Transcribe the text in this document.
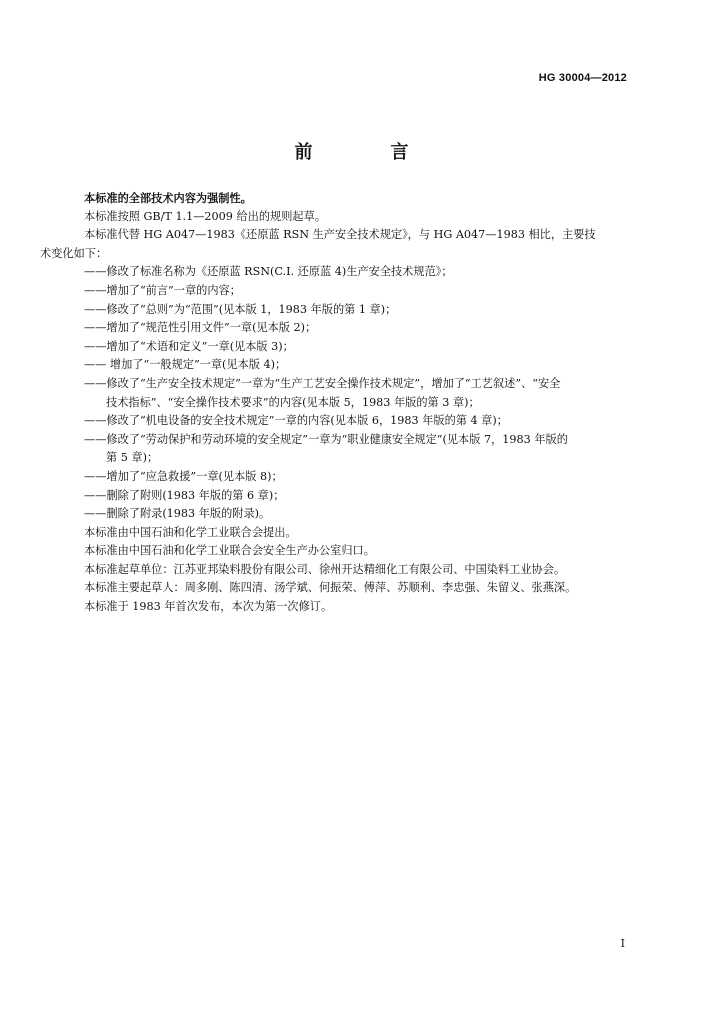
HG 30004—2012
前　言

本标准的全部技术内容为强制性。

本标准按照 GB/T 1.1—2009 给出的规则起草。

本标准代替 HG A047—1983《还原蓝 RSN 生产安全技术规定》，与 HG A047—1983 相比，主要技
术变化如下：

——修改了标准名称为《还原蓝 RSN(C.I. 还原蓝 4)生产安全技术规范》；

——增加了“前言”一章的内容；

——修改了“总则”为“范围”(见本版 1，1983 年版的第 1 章)；

——增加了“规范性引用文件”一章(见本版 2)；

——增加了“术语和定义”一章(见本版 3)；

—— 增加了“一般规定”一章(见本版 4)；

——修改了“生产安全技术规定”一章为“生产工艺安全操作技术规定”，增加了“工艺叙述”、“安全
技术指标”、“安全操作技术要求”的内容(见本版 5，1983 年版的第 3 章)；

——修改了“机电设备的安全技术规定”一章的内容(见本版 6，1983 年版的第 4 章)；

——修改了“劳动保护和劳动环境的安全规定”一章为“职业健康安全规定”(见本版 7，1983 年版的
第 5 章)；

——增加了“应急救援”一章(见本版 8)；

——删除了附则(1983 年版的第 6 章)；

——删除了附录(1983 年版的附录)。

本标准由中国石油和化学工业联合会提出。

本标准由中国石油和化学工业联合会安全生产办公室归口。

本标准起草单位：江苏亚邦染料股份有限公司、徐州开达精细化工有限公司、中国染料工业协会。

本标准主要起草人：周多刚、陈四清、汤学斌、何振荣、傅萍、苏顺利、李忠强、朱留义、张燕深。

本标准于 1983 年首次发布，本次为第一次修订。

I
